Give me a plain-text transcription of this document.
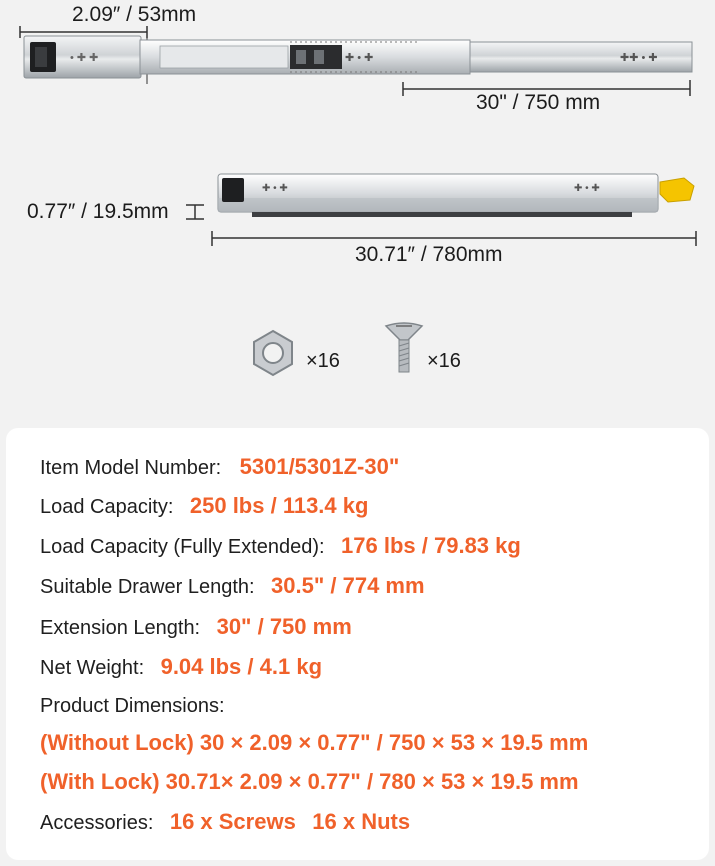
2.09″ / 53mm
• ✚ ✚	✚ • ✚	✚✚ • ✚
30" / 750 mm
✚ • ✚	✚ • ✚
0.77″ / 19.5mm
30.71″ / 780mm
×16	×16
Item Model Number: 5301/5301Z-30"
Load Capacity: 250 lbs / 113.4 kg
Load Capacity (Fully Extended): 176 lbs / 79.83 kg
Suitable Drawer Length: 30.5" / 774 mm
Extension Length: 30" / 750 mm
Net Weight: 9.04 lbs / 4.1 kg
Product Dimensions:
(Without Lock) 30 × 2.09 × 0.77" / 750 × 53 × 19.5 mm
(With Lock) 30.71× 2.09 × 0.77" / 780 × 53 × 19.5 mm
Accessories: 16 x Screws 16 x Nuts
